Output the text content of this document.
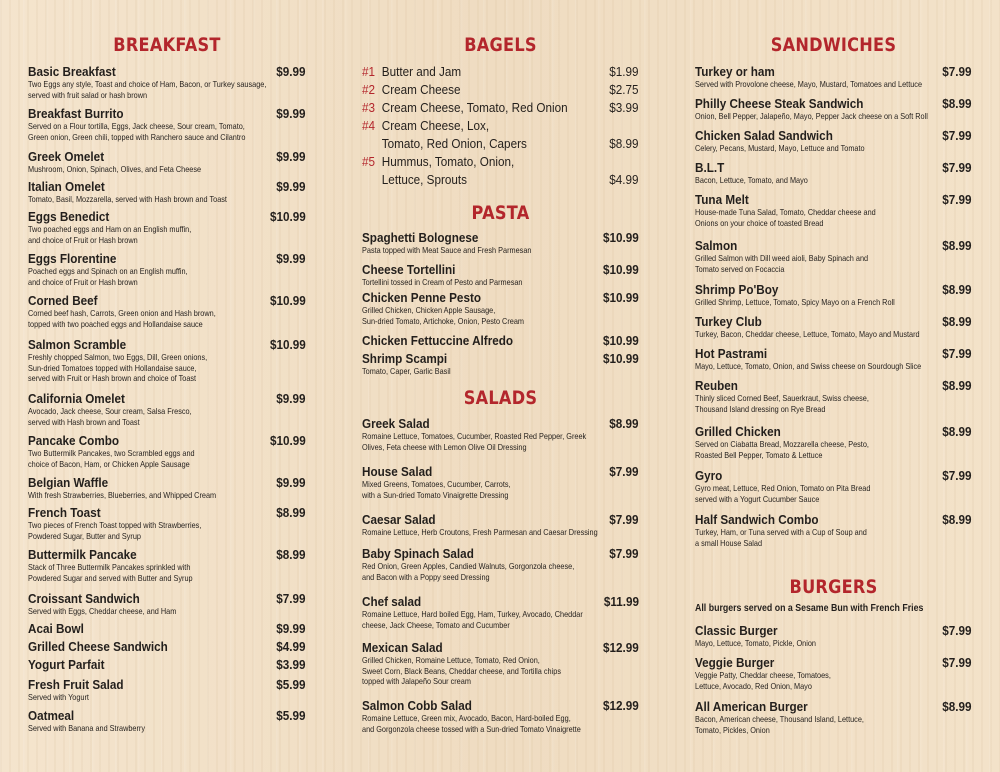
BREAKFAST
Basic Breakfast	$9.99
Two Eggs any style, Toast and choice of Ham, Bacon, or Turkey sausage,
served with fruit salad or hash brown
Breakfast Burrito	$9.99
Served on a Flour tortilla, Eggs, Jack cheese, Sour cream, Tomato,
Green onion, Green chili, topped with Ranchero sauce and Cilantro
Greek Omelet	$9.99
Mushroom, Onion, Spinach, Olives, and Feta Cheese
Italian Omelet	$9.99
Tomato, Basil, Mozzarella, served with Hash brown and Toast
Eggs Benedict	$10.99
Two poached eggs and Ham on an English muffin,
and choice of Fruit or Hash brown
Eggs Florentine	$9.99
Poached eggs and Spinach on an English muffin,
and choice of Fruit or Hash brown
Corned Beef	$10.99
Corned beef hash, Carrots, Green onion and Hash brown,
topped with two poached eggs and Hollandaise sauce
Salmon Scramble	$10.99
Freshly chopped Salmon, two Eggs, Dill, Green onions,
Sun-dried Tomatoes topped with Hollandaise sauce,
served with Fruit or Hash brown and choice of Toast
California Omelet	$9.99
Avocado, Jack cheese, Sour cream, Salsa Fresco,
served with Hash brown and Toast
Pancake Combo	$10.99
Two Buttermilk Pancakes, two Scrambled eggs and
choice of Bacon, Ham, or Chicken Apple Sausage
Belgian Waffle	$9.99
With fresh Strawberries, Blueberries, and Whipped Cream
French Toast	$8.99
Two pieces of French Toast topped with Strawberries,
Powdered Sugar, Butter and Syrup
Buttermilk Pancake	$8.99
Stack of Three Buttermilk Pancakes sprinkled with
Powdered Sugar and served with Butter and Syrup
Croissant Sandwich	$7.99
Served with Eggs, Cheddar cheese, and Ham
Acai Bowl	$9.99
Grilled Cheese Sandwich	$4.99
Yogurt Parfait	$3.99
Fresh Fruit Salad	$5.99
Served with Yogurt
Oatmeal	$5.99
Served with Banana and Strawberry
BAGELS
#1 Butter and Jam	$1.99
#2 Cream Cheese	$2.75
#3 Cream Cheese, Tomato, Red Onion	$3.99
#4 Cream Cheese, Lox,
Tomato, Red Onion, Capers	$8.99
#5 Hummus, Tomato, Onion,
Lettuce, Sprouts	$4.99
PASTA
Spaghetti Bolognese	$10.99
Pasta topped with Meat Sauce and Fresh Parmesan
Cheese Tortellini	$10.99
Tortellini tossed in Cream of Pesto and Parmesan
Chicken Penne Pesto	$10.99
Grilled Chicken, Chicken Apple Sausage,
Sun-dried Tomato, Artichoke, Onion, Pesto Cream
Chicken Fettuccine Alfredo	$10.99
Shrimp Scampi	$10.99
Tomato, Caper, Garlic Basil
SALADS
Greek Salad	$8.99
Romaine Lettuce, Tomatoes, Cucumber, Roasted Red Pepper, Greek
Olives, Feta cheese with Lemon Olive Oil Dressing
House Salad	$7.99
Mixed Greens, Tomatoes, Cucumber, Carrots,
with a Sun-dried Tomato Vinaigrette Dressing
Caesar Salad	$7.99
Romaine Lettuce, Herb Croutons, Fresh Parmesan and Caesar Dressing
Baby Spinach Salad	$7.99
Red Onion, Green Apples, Candied Walnuts, Gorgonzola cheese,
and Bacon with a Poppy seed Dressing
Chef salad	$11.99
Romaine Lettuce, Hard boiled Egg, Ham, Turkey, Avocado, Cheddar
cheese, Jack Cheese, Tomato and Cucumber
Mexican Salad	$12.99
Grilled Chicken, Romaine Lettuce, Tomato, Red Onion,
Sweet Corn, Black Beans, Cheddar cheese, and Tortilla chips
topped with Jalapeño Sour cream
Salmon Cobb Salad	$12.99
Romaine Lettuce, Green mix, Avocado, Bacon, Hard-boiled Egg,
and Gorgonzola cheese tossed with a Sun-dried Tomato Vinaigrette
SANDWICHES
Turkey or ham	$7.99
Served with Provolone cheese, Mayo, Mustard, Tomatoes and Lettuce
Philly Cheese Steak Sandwich	$8.99
Onion, Bell Pepper, Jalapeño, Mayo, Pepper Jack cheese on a Soft Roll
Chicken Salad Sandwich	$7.99
Celery, Pecans, Mustard, Mayo, Lettuce and Tomato
B.L.T	$7.99
Bacon, Lettuce, Tomato, and Mayo
Tuna Melt	$7.99
House-made Tuna Salad, Tomato, Cheddar cheese and
Onions on your choice of toasted Bread
Salmon	$8.99
Grilled Salmon with Dill weed aioli, Baby Spinach and
Tomato served on Focaccia
Shrimp Po'Boy	$8.99
Grilled Shrimp, Lettuce, Tomato, Spicy Mayo on a French Roll
Turkey Club	$8.99
Turkey, Bacon, Cheddar cheese, Lettuce, Tomato, Mayo and Mustard
Hot Pastrami	$7.99
Mayo, Lettuce, Tomato, Onion, and Swiss cheese on Sourdough Slice
Reuben	$8.99
Thinly sliced Corned Beef, Sauerkraut, Swiss cheese,
Thousand Island dressing on Rye Bread
Grilled Chicken	$8.99
Served on Ciabatta Bread, Mozzarella cheese, Pesto,
Roasted Bell Pepper, Tomato & Lettuce
Gyro	$7.99
Gyro meat, Lettuce, Red Onion, Tomato on Pita Bread
served with a Yogurt Cucumber Sauce
Half Sandwich Combo	$8.99
Turkey, Ham, or Tuna served with a Cup of Soup and
a small House Salad
BURGERS
All burgers served on a Sesame Bun with French Fries
Classic Burger	$7.99
Mayo, Lettuce, Tomato, Pickle, Onion
Veggie Burger	$7.99
Veggie Patty, Cheddar cheese, Tomatoes,
Lettuce, Avocado, Red Onion, Mayo
All American Burger	$8.99
Bacon, American cheese, Thousand Island, Lettuce,
Tomato, Pickles, Onion
